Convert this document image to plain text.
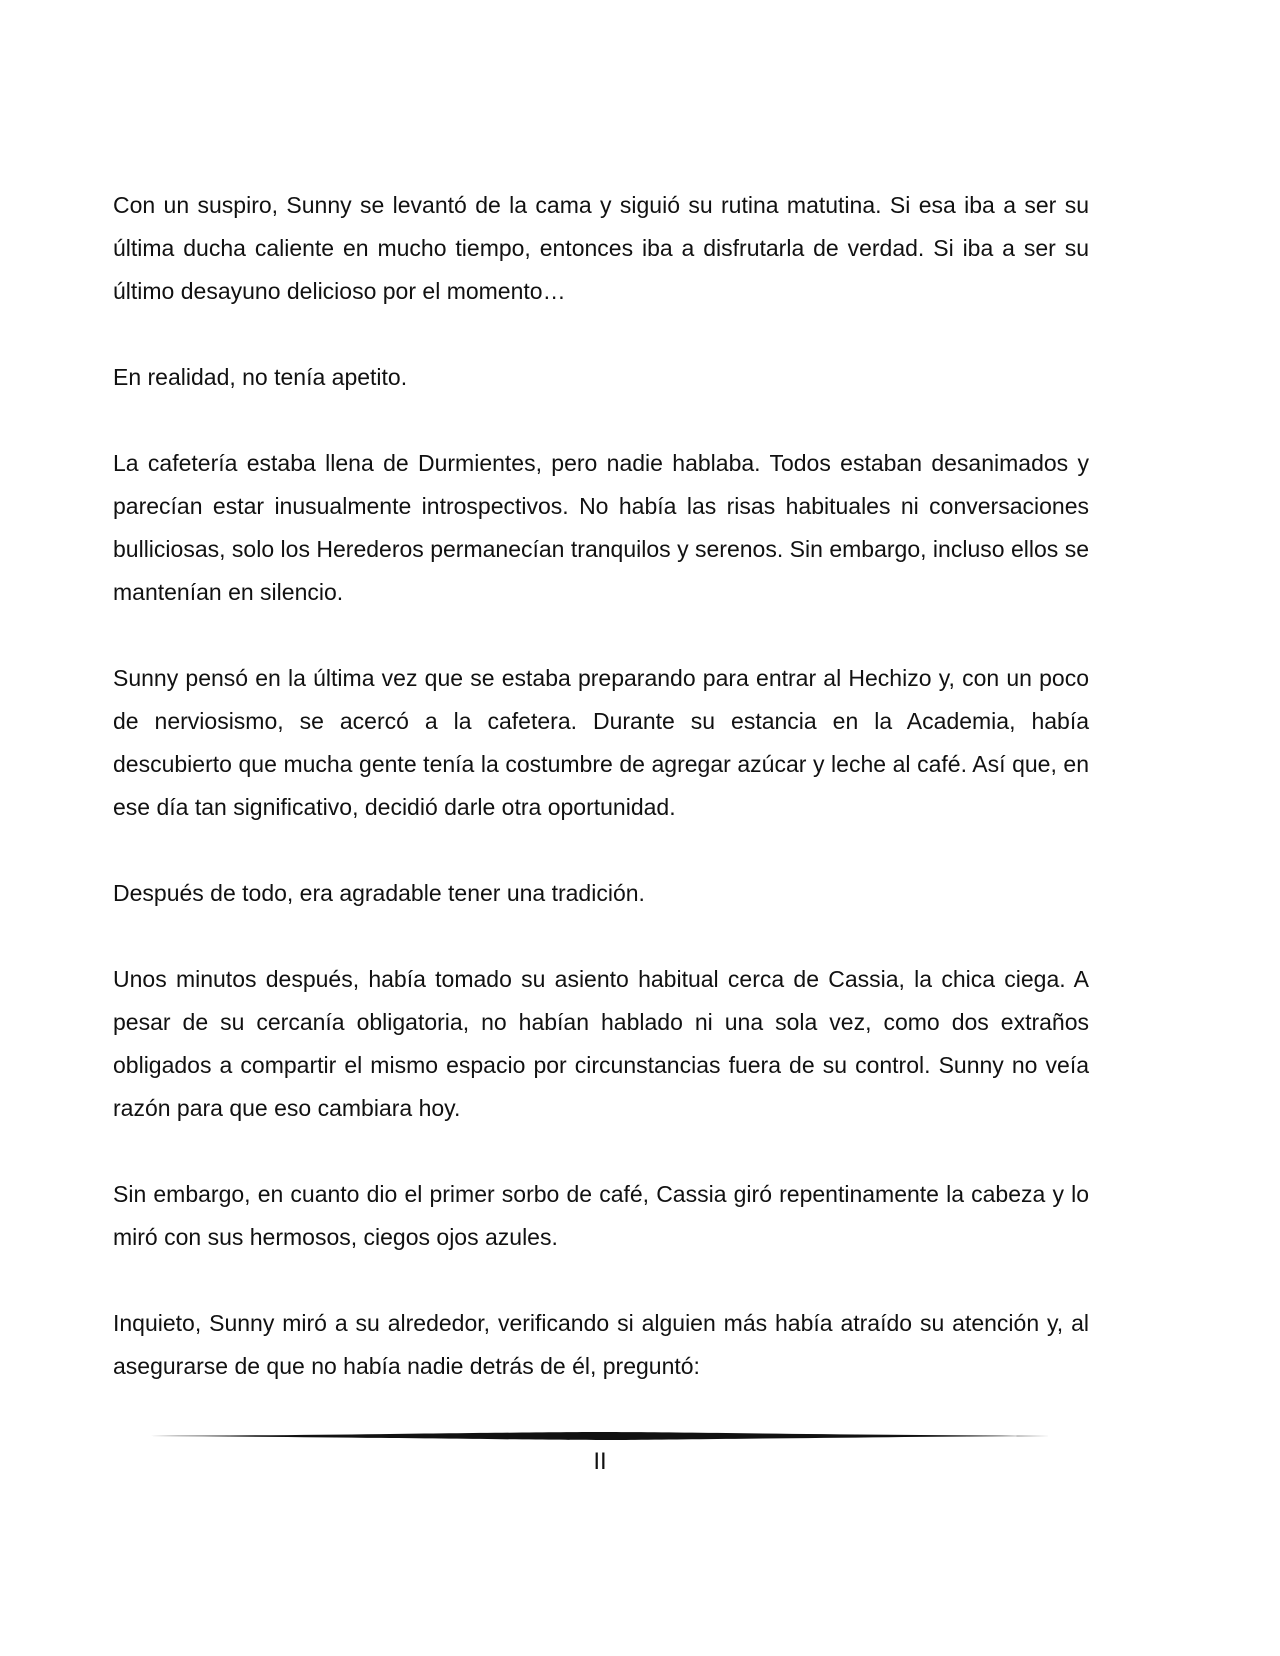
Con un suspiro, Sunny se levantó de la cama y siguió su rutina matutina. Si esa iba a ser su última ducha caliente en mucho tiempo, entonces iba a disfrutarla de verdad. Si iba a ser su último desayuno delicioso por el momento…

En realidad, no tenía apetito.

La cafetería estaba llena de Durmientes, pero nadie hablaba. Todos estaban desanimados y parecían estar inusualmente introspectivos. No había las risas habituales ni conversaciones bulliciosas, solo los Herederos permanecían tranquilos y serenos. Sin embargo, incluso ellos se mantenían en silencio.

Sunny pensó en la última vez que se estaba preparando para entrar al Hechizo y, con un poco de nerviosismo, se acercó a la cafetera. Durante su estancia en la Academia, había descubierto que mucha gente tenía la costumbre de agregar azúcar y leche al café. Así que, en ese día tan significativo, decidió darle otra oportunidad.

Después de todo, era agradable tener una tradición.

Unos minutos después, había tomado su asiento habitual cerca de Cassia, la chica ciega. A pesar de su cercanía obligatoria, no habían hablado ni una sola vez, como dos extraños obligados a compartir el mismo espacio por circunstancias fuera de su control. Sunny no veía razón para que eso cambiara hoy.

Sin embargo, en cuanto dio el primer sorbo de café, Cassia giró repentinamente la cabeza y lo miró con sus hermosos, ciegos ojos azules.

Inquieto, Sunny miró a su alrededor, verificando si alguien más había atraído su atención y, al asegurarse de que no había nadie detrás de él, preguntó:

II
